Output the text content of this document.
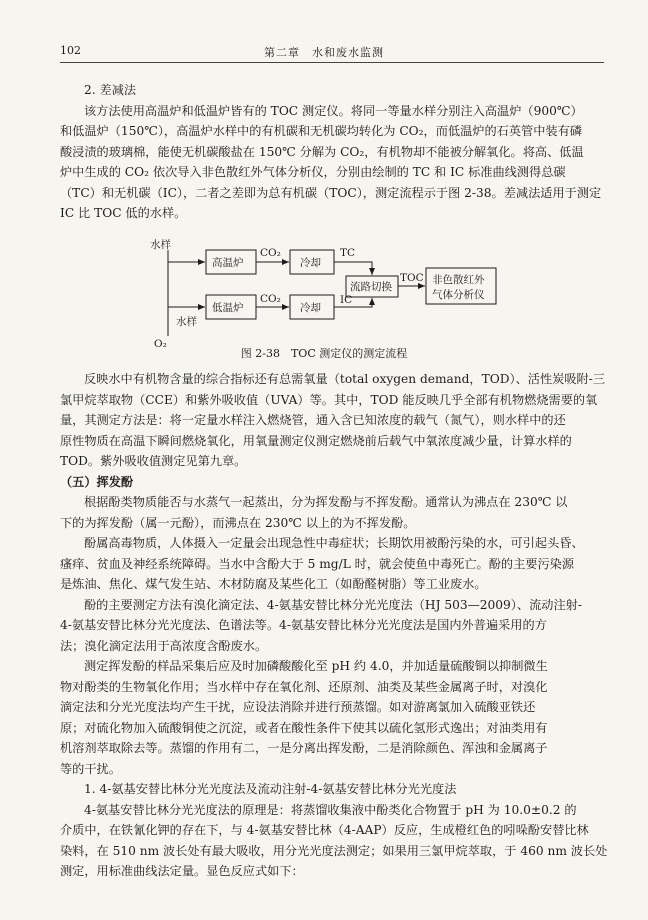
102	第二章　水和废水监测
2. 差减法
该方法使用高温炉和低温炉皆有的 TOC 测定仪。将同一等量水样分别注入高温炉（900℃）
和低温炉（150℃），高温炉水样中的有机碳和无机碳均转化为 CO₂，而低温炉的石英管中装有磷
酸浸渍的玻璃棉，能使无机碳酸盐在 150℃ 分解为 CO₂，有机物却不能被分解氧化。将高、低温
炉中生成的 CO₂ 依次导入非色散红外气体分析仪，分别由绘制的 TC 和 IC 标准曲线测得总碳
（TC）和无机碳（IC），二者之差即为总有机碳（TOC），测定流程示于图 2-38。差减法适用于测定
IC 比 TOC 低的水样。
水样
水样
O₂
高温炉
低温炉
冷却
冷却
CO₂
CO₂
TC
IC
TOC
流路切换
非色散红外
气体分析仪
图 2-38　TOC 测定仪的测定流程
反映水中有机物含量的综合指标还有总需氧量（total oxygen demand，TOD）、活性炭吸附-三
氯甲烷萃取物（CCE）和紫外吸收值（UVA）等。其中，TOD 能反映几乎全部有机物燃烧需要的氧
量，其测定方法是：将一定量水样注入燃烧管，通入含已知浓度的载气（氮气），则水样中的还
原性物质在高温下瞬间燃烧氧化，用氧量测定仪测定燃烧前后载气中氧浓度减少量，计算水样的
TOD。紫外吸收值测定见第九章。
（五）挥发酚
根据酚类物质能否与水蒸气一起蒸出，分为挥发酚与不挥发酚。通常认为沸点在 230℃ 以
下的为挥发酚（属一元酚），而沸点在 230℃ 以上的为不挥发酚。
酚属高毒物质，人体摄入一定量会出现急性中毒症状；长期饮用被酚污染的水，可引起头昏、
瘙痒、贫血及神经系统障碍。当水中含酚大于 5 mg/L 时，就会使鱼中毒死亡。酚的主要污染源
是炼油、焦化、煤气发生站、木材防腐及某些化工（如酚醛树脂）等工业废水。
酚的主要测定方法有溴化滴定法、4-氨基安替比林分光光度法（HJ 503—2009）、流动注射-
4-氨基安替比林分光光度法、色谱法等。4-氨基安替比林分光光度法是国内外普遍采用的方
法；溴化滴定法用于高浓度含酚废水。
测定挥发酚的样品采集后应及时加磷酸酸化至 pH 约 4.0，并加适量硫酸铜以抑制微生
物对酚类的生物氧化作用；当水样中存在氧化剂、还原剂、油类及某些金属离子时，对溴化
滴定法和分光光度法均产生干扰，应设法消除并进行预蒸馏。如对游离氯加入硫酸亚铁还
原；对硫化物加入硫酸铜使之沉淀，或者在酸性条件下使其以硫化氢形式逸出；对油类用有
机溶剂萃取除去等。蒸馏的作用有二，一是分离出挥发酚，二是消除颜色、浑浊和金属离子
等的干扰。
1. 4-氨基安替比林分光光度法及流动注射-4-氨基安替比林分光光度法
4-氨基安替比林分光光度法的原理是：将蒸馏收集液中酚类化合物置于 pH 为 10.0±0.2 的
介质中，在铁氰化钾的存在下，与 4-氨基安替比林（4-AAP）反应，生成橙红色的吲哚酚安替比林
染料，在 510 nm 波长处有最大吸收，用分光光度法测定；如果用三氯甲烷萃取，于 460 nm 波长处
测定，用标准曲线法定量。显色反应式如下：
